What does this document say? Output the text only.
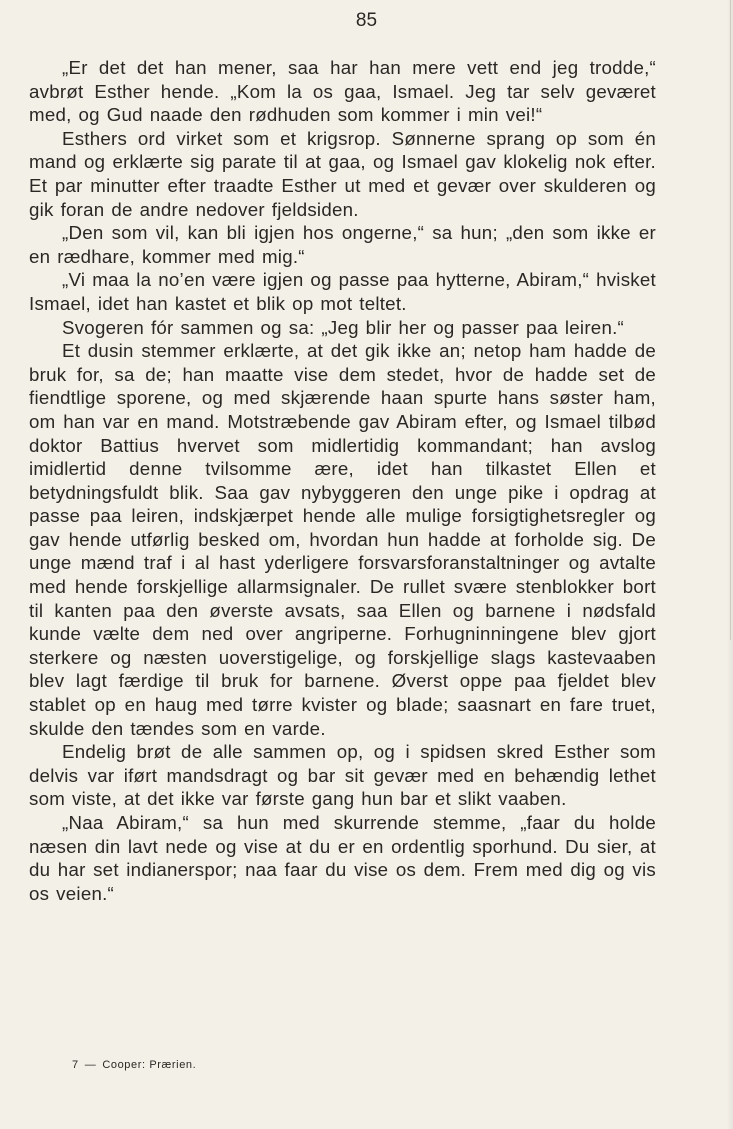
85

„Er det det han mener, saa har han mere vett end jeg trodde,“ avbrøt Esther hende. „Kom la os gaa, Ismael. Jeg tar selv geværet med, og Gud naade den rødhuden som kommer i min vei!“

Esthers ord virket som et krigsrop. Sønnerne sprang op som én mand og erklærte sig parate til at gaa, og Ismael gav klokelig nok efter. Et par minutter efter traadte Esther ut med et gevær over skulderen og gik foran de andre nedover fjeldsiden.

„Den som vil, kan bli igjen hos ongerne,“ sa hun; „den som ikke er en rædhare, kommer med mig.“

„Vi maa la no’en være igjen og passe paa hytterne, Abiram,“ hvisket Ismael, idet han kastet et blik op mot teltet.

Svogeren fór sammen og sa: „Jeg blir her og passer paa leiren.“

Et dusin stemmer erklærte, at det gik ikke an; netop ham hadde de bruk for, sa de; han maatte vise dem stedet, hvor de hadde set de fiendtlige sporene, og med skjærende haan spurte hans søster ham, om han var en mand. Motstræbende gav Abiram efter, og Ismael tilbød doktor Battius hvervet som midlertidig kommandant; han avslog imidlertid denne tvilsomme ære, idet han tilkastet Ellen et betydningsfuldt blik. Saa gav nybyggeren den unge pike i opdrag at passe paa leiren, indskjærpet hende alle mulige forsigtighetsregler og gav hende utførlig besked om, hvordan hun hadde at forholde sig. De unge mænd traf i al hast yderligere forsvarsforanstaltninger og avtalte med hende forskjellige allarmsignaler. De rullet svære stenblokker bort til kanten paa den øverste avsats, saa Ellen og barnene i nødsfald kunde vælte dem ned over angriperne. Forhugninningene blev gjort sterkere og næsten uoverstigelige, og forskjellige slags kastevaaben blev lagt færdige til bruk for barnene. Øverst oppe paa fjeldet blev stablet op en haug med tørre kvister og blade; saasnart en fare truet, skulde den tændes som en varde.

Endelig brøt de alle sammen op, og i spidsen skred Esther som delvis var iført mandsdragt og bar sit gevær med en behændig lethet som viste, at det ikke var første gang hun bar et slikt vaaben.

„Naa Abiram,“ sa hun med skurrende stemme, „faar du holde næsen din lavt nede og vise at du er en ordentlig sporhund. Du sier, at du har set indianerspor; naa faar du vise os dem. Frem med dig og vis os veien.“

7 — Cooper: Prærien.
